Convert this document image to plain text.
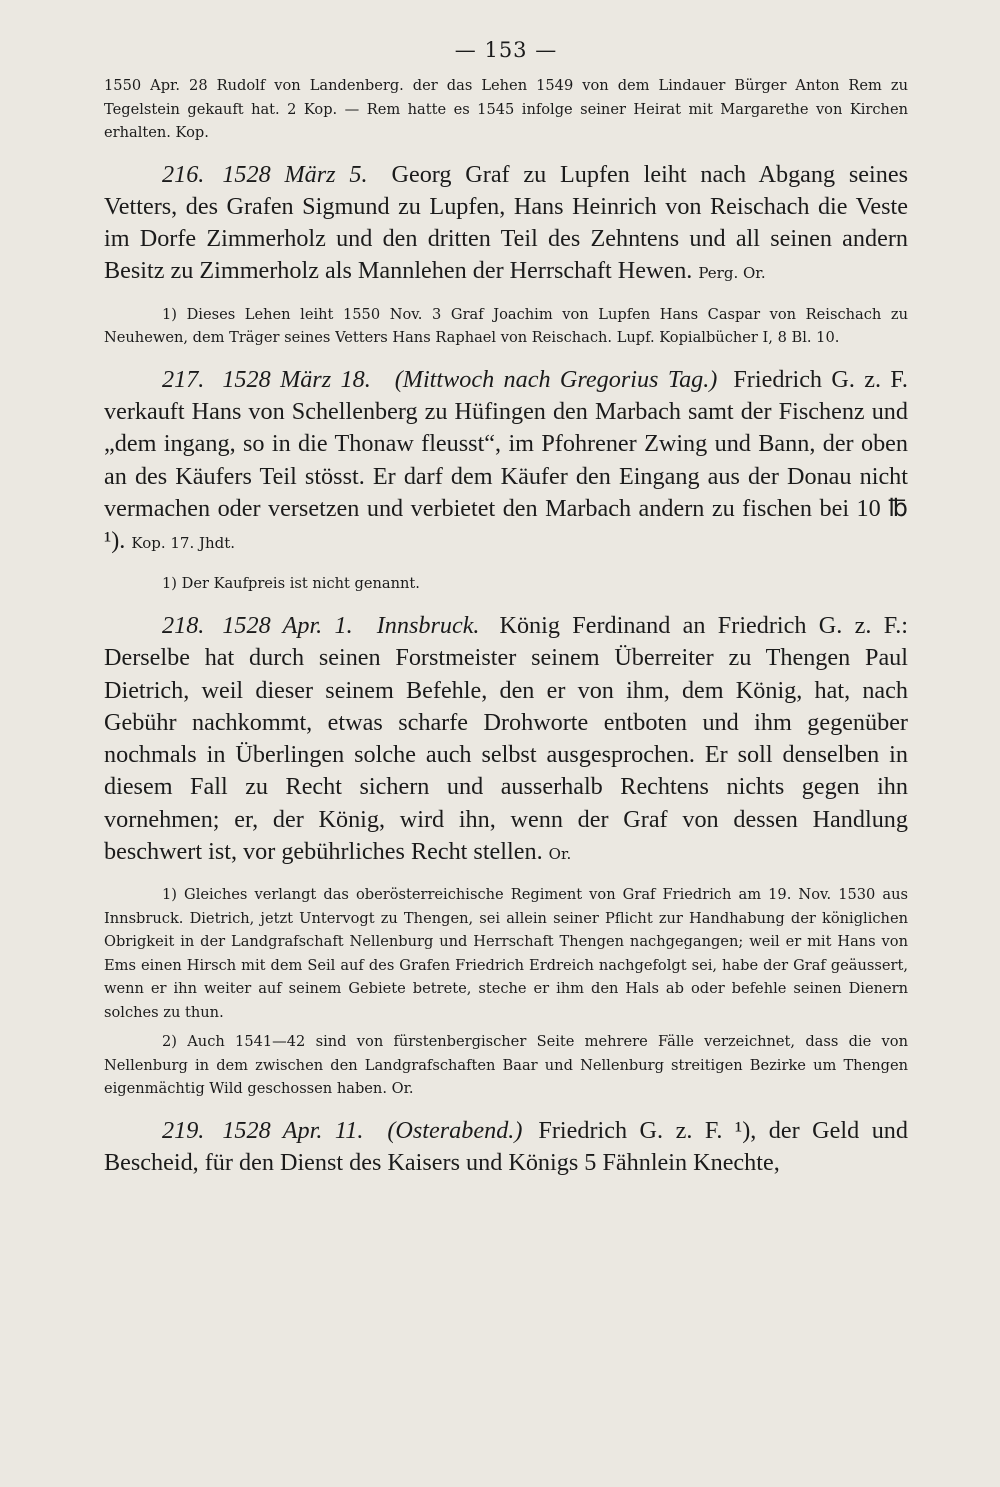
— 153 —

1550 Apr. 28 Rudolf von Landenberg. der das Lehen 1549 von dem Lindauer Bürger Anton Rem zu Tegelstein gekauft hat. 2 Kop. — Rem hatte es 1545 infolge seiner Heirat mit Margarethe von Kirchen erhalten. Kop.

216. 1528 März 5. Georg Graf zu Lupfen leiht nach Abgang seines Vetters, des Grafen Sigmund zu Lupfen, Hans Heinrich von Reischach die Veste im Dorfe Zimmerholz und den dritten Teil des Zehntens und all seinen andern Besitz zu Zimmerholz als Mannlehen der Herrschaft Hewen. Perg. Or.

1) Dieses Lehen leiht 1550 Nov. 3 Graf Joachim von Lupfen Hans Caspar von Reischach zu Neuhewen, dem Träger seines Vetters Hans Raphael von Reischach. Lupf. Kopialbücher I, 8 Bl. 10.

217. 1528 März 18. (Mittwoch nach Gregorius Tag.) Friedrich G. z. F. verkauft Hans von Schellenberg zu Hüfingen den Marbach samt der Fischenz und „dem ingang, so in die Thonaw fleusst“, im Pfohrener Zwing und Bann, der oben an des Käufers Teil stösst. Er darf dem Käufer den Eingang aus der Donau nicht vermachen oder versetzen und verbietet den Marbach andern zu fischen bei 10 ℔ ¹). Kop. 17. Jhdt.

1) Der Kaufpreis ist nicht genannt.

218. 1528 Apr. 1. Innsbruck. König Ferdinand an Friedrich G. z. F.: Derselbe hat durch seinen Forstmeister seinem Überreiter zu Thengen Paul Dietrich, weil dieser seinem Befehle, den er von ihm, dem König, hat, nach Gebühr nachkommt, etwas scharfe Drohworte entboten und ihm gegenüber nochmals in Überlingen solche auch selbst ausgesprochen. Er soll denselben in diesem Fall zu Recht sichern und ausserhalb Rechtens nichts gegen ihn vornehmen; er, der König, wird ihn, wenn der Graf von dessen Handlung beschwert ist, vor gebührliches Recht stellen. Or.

1) Gleiches verlangt das oberösterreichische Regiment von Graf Friedrich am 19. Nov. 1530 aus Innsbruck. Dietrich, jetzt Untervogt zu Thengen, sei allein seiner Pflicht zur Handhabung der königlichen Obrigkeit in der Landgrafschaft Nellenburg und Herrschaft Thengen nachgegangen; weil er mit Hans von Ems einen Hirsch mit dem Seil auf des Grafen Friedrich Erdreich nachgefolgt sei, habe der Graf geäussert, wenn er ihn weiter auf seinem Gebiete betrete, steche er ihm den Hals ab oder befehle seinen Dienern solches zu thun.

2) Auch 1541—42 sind von fürstenbergischer Seite mehrere Fälle verzeichnet, dass die von Nellenburg in dem zwischen den Landgrafschaften Baar und Nellenburg streitigen Bezirke um Thengen eigenmächtig Wild geschossen haben. Or.

219. 1528 Apr. 11. (Osterabend.) Friedrich G. z. F. ¹), der Geld und Bescheid, für den Dienst des Kaisers und Königs 5 Fähnlein Knechte,
